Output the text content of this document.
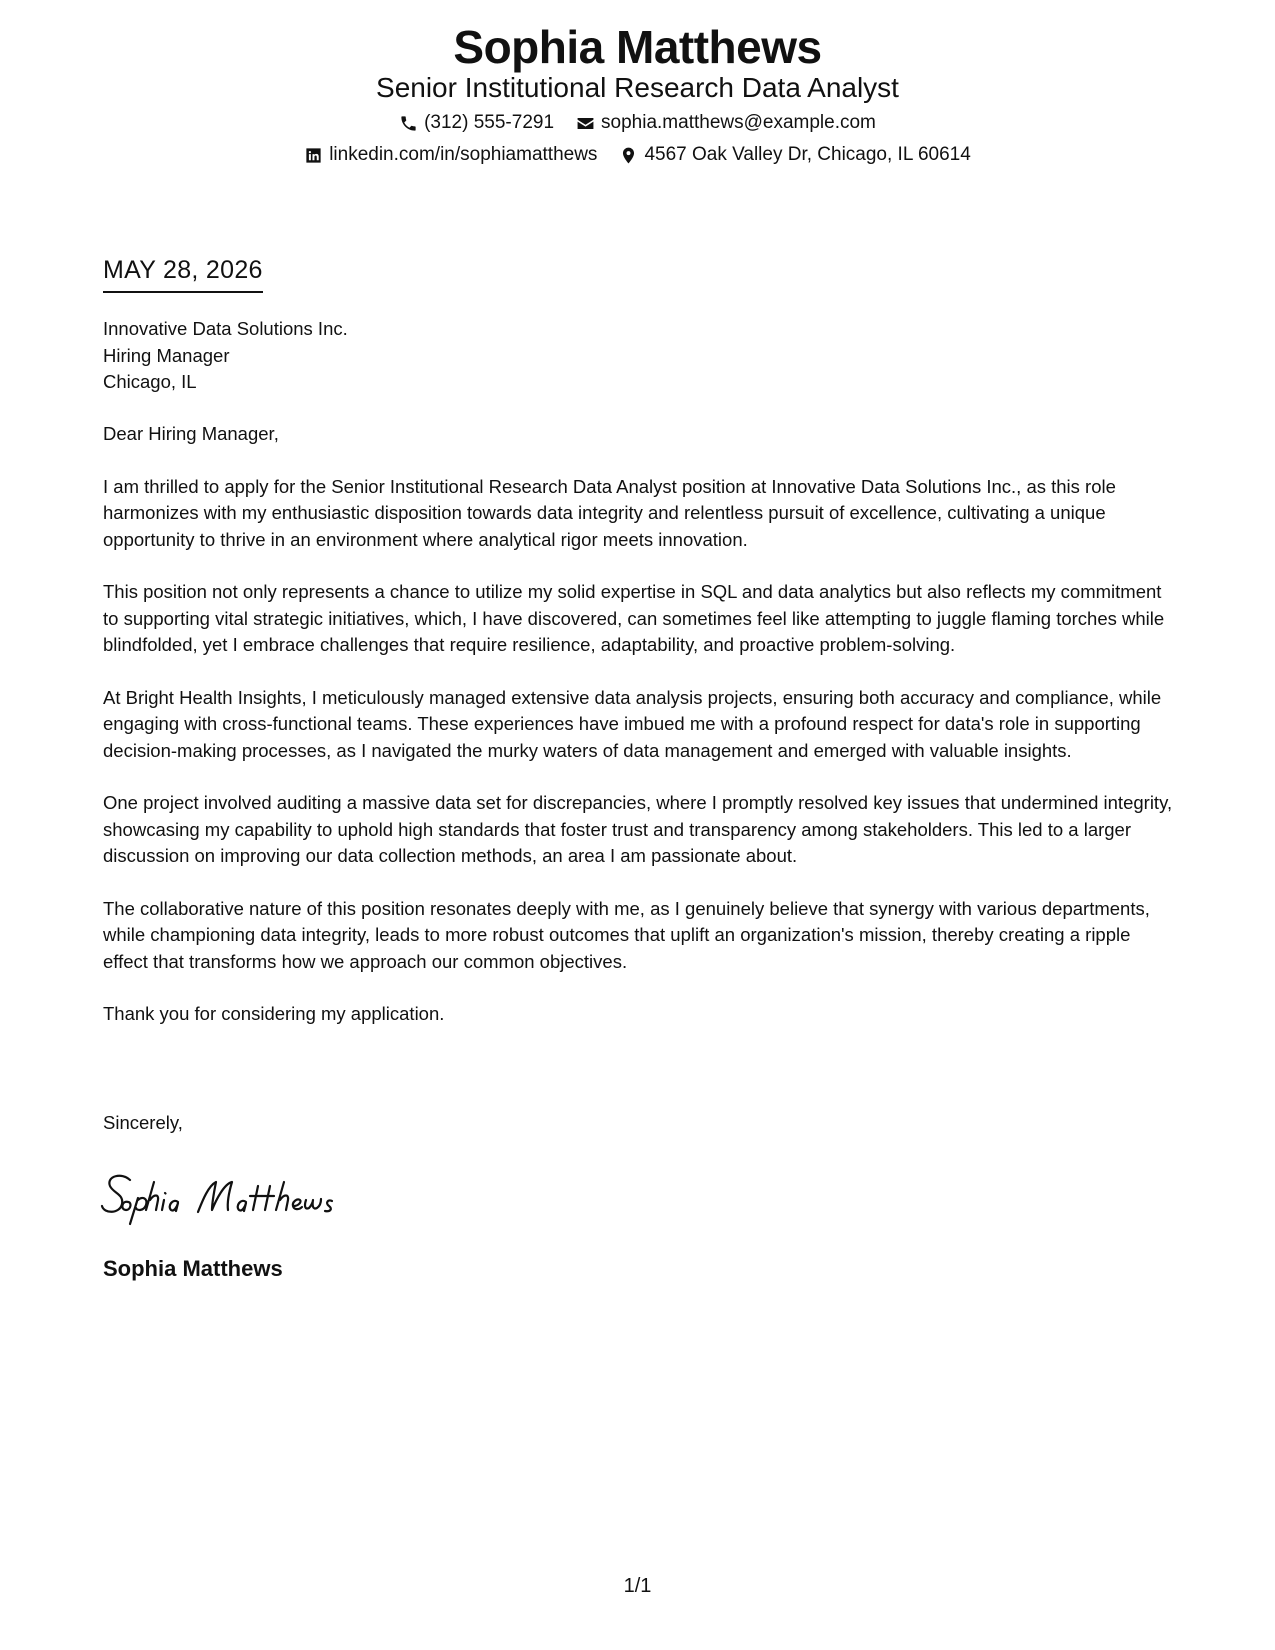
Sophia Matthews
Senior Institutional Research Data Analyst
(312) 555-7291 sophia.matthews@example.com
linkedin.com/in/sophiamatthews 4567 Oak Valley Dr, Chicago, IL 60614
MAY 28, 2026
Innovative Data Solutions Inc.
Hiring Manager
Chicago, IL

Dear Hiring Manager,

I am thrilled to apply for the Senior Institutional Research Data Analyst position at Innovative Data Solutions Inc., as this role harmonizes with my enthusiastic disposition towards data integrity and relentless pursuit of excellence, cultivating a unique opportunity to thrive in an environment where analytical rigor meets innovation.

This position not only represents a chance to utilize my solid expertise in SQL and data analytics but also reflects my commitment to supporting vital strategic initiatives, which, I have discovered, can sometimes feel like attempting to juggle flaming torches while blindfolded, yet I embrace challenges that require resilience, adaptability, and proactive problem-solving.

At Bright Health Insights, I meticulously managed extensive data analysis projects, ensuring both accuracy and compliance, while engaging with cross-functional teams. These experiences have imbued me with a profound respect for data's role in supporting decision-making processes, as I navigated the murky waters of data management and emerged with valuable insights.

One project involved auditing a massive data set for discrepancies, where I promptly resolved key issues that undermined integrity, showcasing my capability to uphold high standards that foster trust and transparency among stakeholders. This led to a larger discussion on improving our data collection methods, an area I am passionate about.

The collaborative nature of this position resonates deeply with me, as I genuinely believe that synergy with various departments, while championing data integrity, leads to more robust outcomes that uplift an organization's mission, thereby creating a ripple effect that transforms how we approach our common objectives.

Thank you for considering my application.

Sincerely,
Sophia Matthews
1/1
